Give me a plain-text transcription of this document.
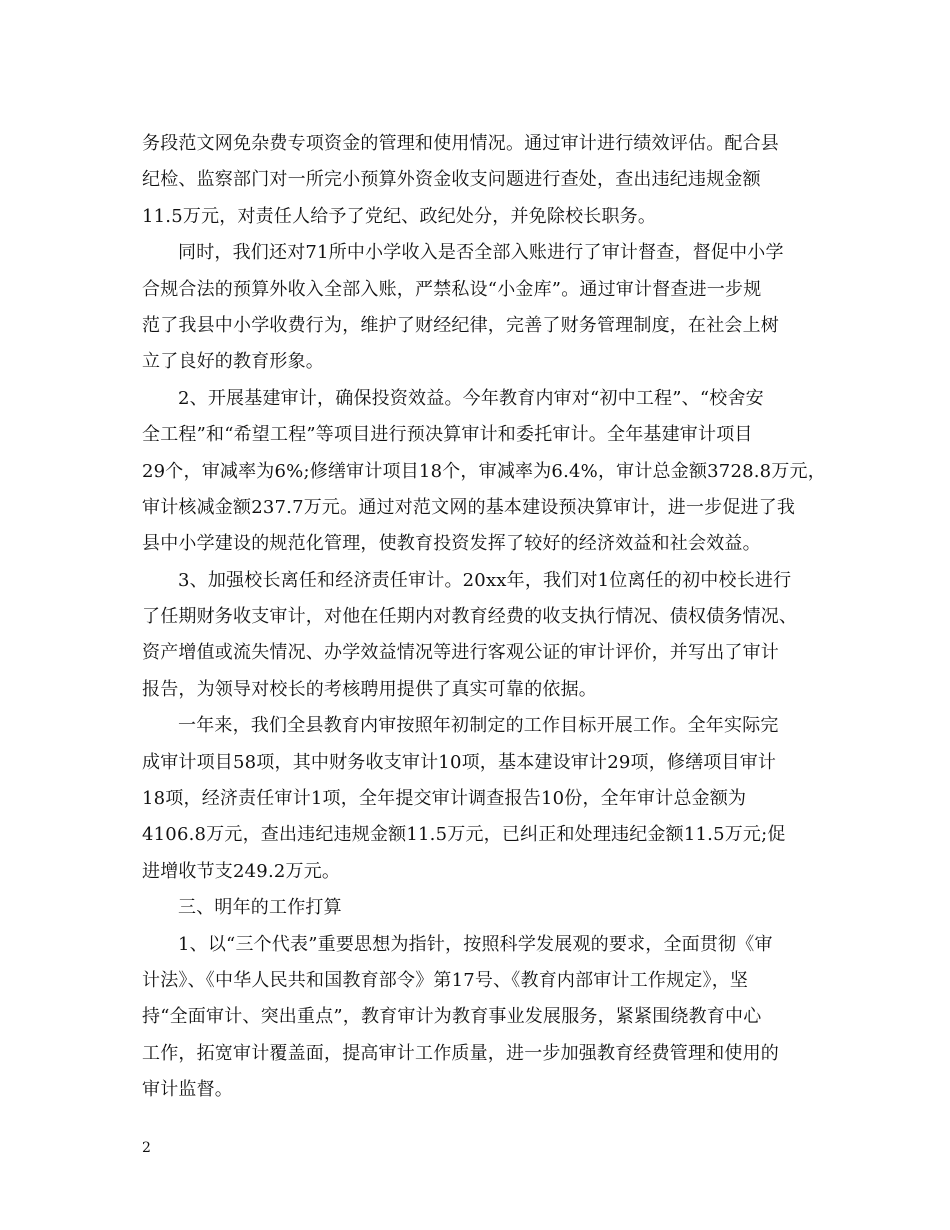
务段范文网免杂费专项资金的管理和使用情况。通过审计进行绩效评估。配合县
纪检、监察部门对一所完小预算外资金收支问题进行查处，查出违纪违规金额
11.5万元，对责任人给予了党纪、政纪处分，并免除校长职务。
同时，我们还对71所中小学收入是否全部入账进行了审计督查，督促中小学
合规合法的预算外收入全部入账，严禁私设“小金库”。通过审计督查进一步规
范了我县中小学收费行为，维护了财经纪律，完善了财务管理制度，在社会上树
立了良好的教育形象。
2、开展基建审计，确保投资效益。今年教育内审对“初中工程”、“校舍安
全工程”和“希望工程”等项目进行预决算审计和委托审计。全年基建审计项目
29个，审减率为6%;修缮审计项目18个，审减率为6.4%，审计总金额3728.8万元，
审计核减金额237.7万元。通过对范文网的基本建设预决算审计，进一步促进了我
县中小学建设的规范化管理，使教育投资发挥了较好的经济效益和社会效益。
3、加强校长离任和经济责任审计。20xx年，我们对1位离任的初中校长进行
了任期财务收支审计，对他在任期内对教育经费的收支执行情况、债权债务情况、
资产增值或流失情况、办学效益情况等进行客观公证的审计评价，并写出了审计
报告，为领导对校长的考核聘用提供了真实可靠的依据。
一年来，我们全县教育内审按照年初制定的工作目标开展工作。全年实际完
成审计项目58项，其中财务收支审计10项，基本建设审计29项，修缮项目审计
18项，经济责任审计1项，全年提交审计调查报告10份，全年审计总金额为
4106.8万元，查出违纪违规金额11.5万元，已纠正和处理违纪金额11.5万元;促
进增收节支249.2万元。
三、明年的工作打算
1、以“三个代表”重要思想为指针，按照科学发展观的要求，全面贯彻《审
计法》、《中华人民共和国教育部令》第17号、《教育内部审计工作规定》，坚
持“全面审计、突出重点”，教育审计为教育事业发展服务，紧紧围绕教育中心
工作，拓宽审计覆盖面，提高审计工作质量，进一步加强教育经费管理和使用的
审计监督。
2
